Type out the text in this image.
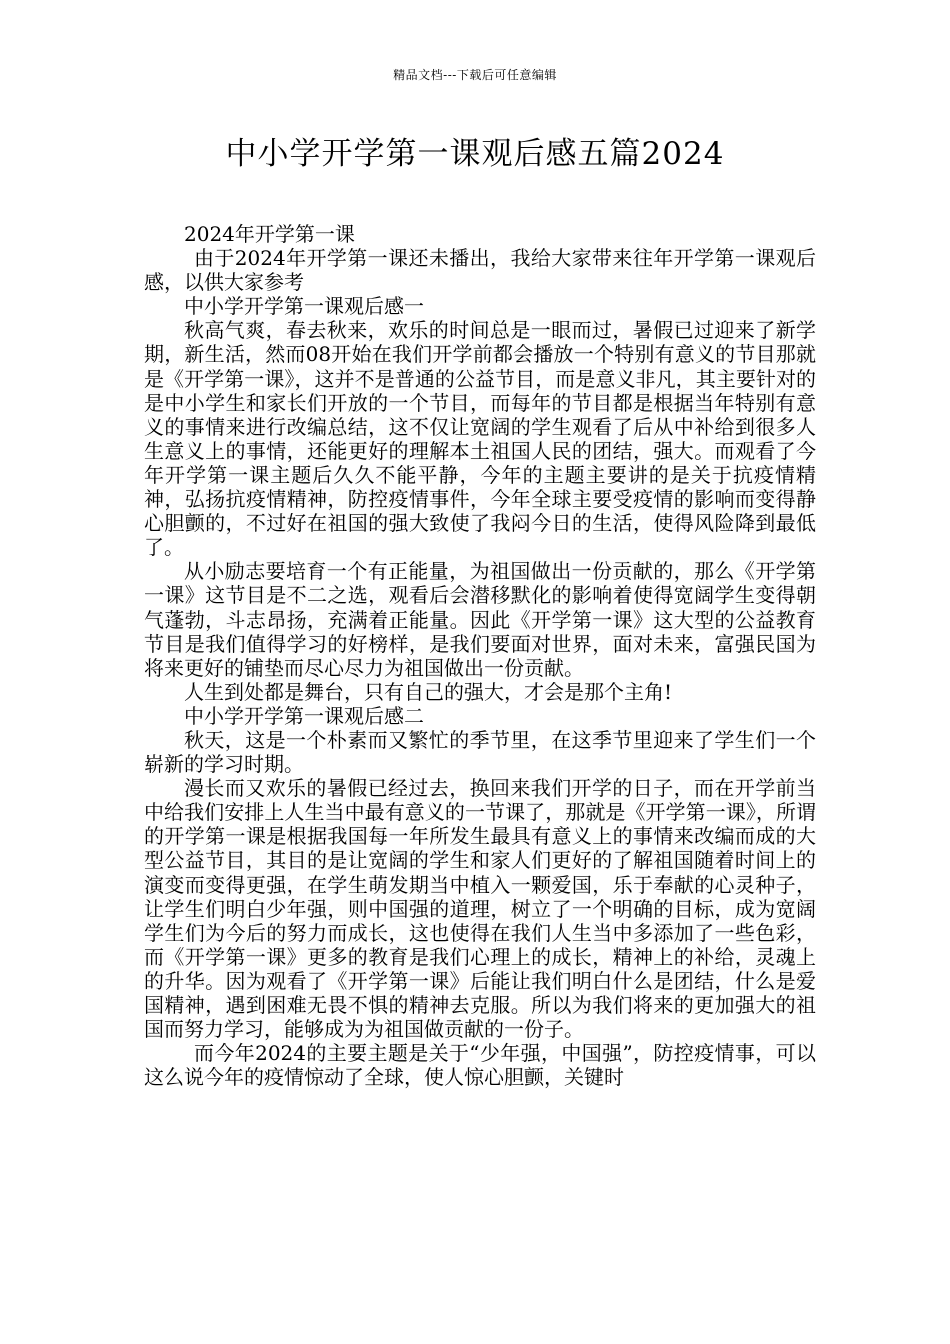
精品文档---下载后可任意编辑
中小学开学第一课观后感五篇2024

2024年开学第一课

由于2024年开学第一课还未播出，我给大家带来往年开学第一课观后感，以供大家参考

中小学开学第一课观后感一

秋高气爽，春去秋来，欢乐的时间总是一眼而过，暑假已过迎来了新学期，新生活，然而08开始在我们开学前都会播放一个特别有意义的节目那就是《开学第一课》，这并不是普通的公益节目，而是意义非凡，其主要针对的是中小学生和家长们开放的一个节目，而每年的节目都是根据当年特别有意义的事情来进行改编总结，这不仅让宽阔的学生观看了后从中补给到很多人生意义上的事情，还能更好的理解本土祖国人民的团结，强大。而观看了今年开学第一课主题后久久不能平静，今年的主题主要讲的是关于抗疫情精神，弘扬抗疫情精神，防控疫情事件，今年全球主要受疫情的影响而变得静心胆颤的，不过好在祖国的强大致使了我闷今日的生活，使得风险降到最低了。

从小励志要培育一个有正能量，为祖国做出一份贡献的，那么《开学第一课》这节目是不二之选，观看后会潜移默化的影响着使得宽阔学生变得朝气蓬勃，斗志昂扬，充满着正能量。因此《开学第一课》这大型的公益教育节目是我们值得学习的好榜样，是我们要面对世界，面对未来，富强民国为将来更好的铺垫而尽心尽力为祖国做出一份贡献。

人生到处都是舞台，只有自己的强大，才会是那个主角!

中小学开学第一课观后感二

秋天，这是一个朴素而又繁忙的季节里，在这季节里迎来了学生们一个崭新的学习时期。

漫长而又欢乐的暑假已经过去，换回来我们开学的日子，而在开学前当中给我们安排上人生当中最有意义的一节课了，那就是《开学第一课》，所谓的开学第一课是根据我国每一年所发生最具有意义上的事情来改编而成的大型公益节目，其目的是让宽阔的学生和家人们更好的了解祖国随着时间上的演变而变得更强，在学生萌发期当中植入一颗爱国，乐于奉献的心灵种子，让学生们明白少年强，则中国强的道理，树立了一个明确的目标，成为宽阔学生们为今后的努力而成长，这也使得在我们人生当中多添加了一些色彩，而《开学第一课》更多的教育是我们心理上的成长，精神上的补给，灵魂上的升华。因为观看了《开学第一课》后能让我们明白什么是团结，什么是爱国精神，遇到困难无畏不惧的精神去克服。所以为我们将来的更加强大的祖国而努力学习，能够成为为祖国做贡献的一份子。

而今年2024的主要主题是关于“少年强，中国强”，防控疫情事，可以这么说今年的疫情惊动了全球，使人惊心胆颤，关键时
